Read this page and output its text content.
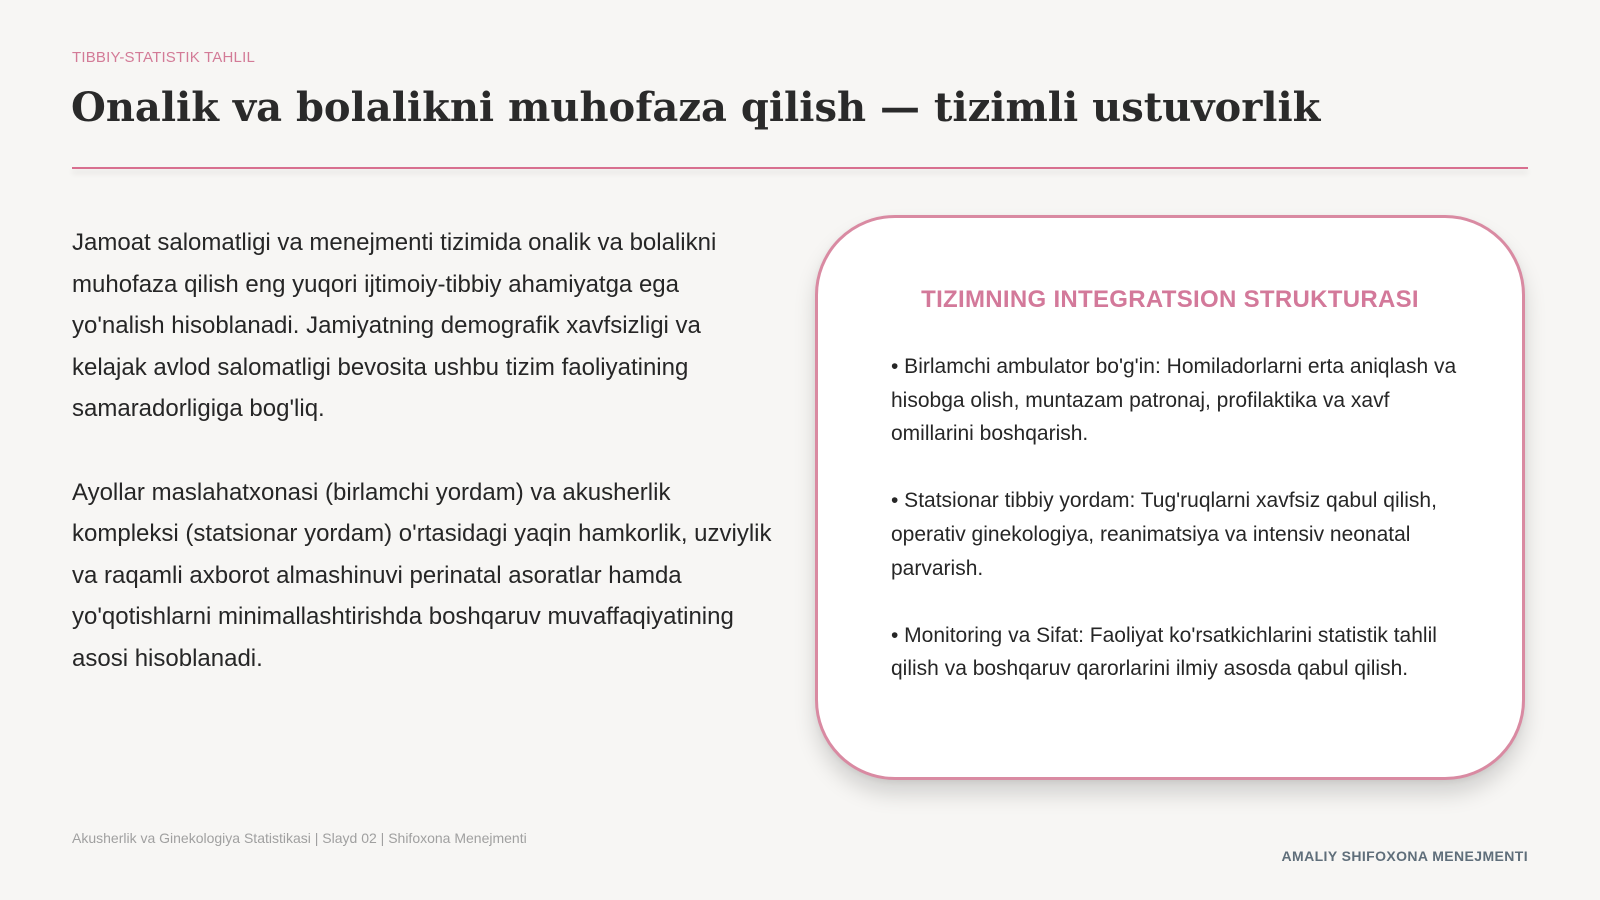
TIBBIY-STATISTIK TAHLIL
Onalik va bolalikni muhofaza qilish — tizimli ustuvorlik

Jamoat salomatligi va menejmenti tizimida onalik va bolalikni muhofaza qilish eng yuqori ijtimoiy-tibbiy ahamiyatga ega yo'nalish hisoblanadi. Jamiyatning demografik xavfsizligi va kelajak avlod salomatligi bevosita ushbu tizim faoliyatining samaradorligiga bog'liq.

Ayollar maslahatxonasi (birlamchi yordam) va akusherlik kompleksi (statsionar yordam) o'rtasidagi yaqin hamkorlik, uzviylik va raqamli axborot almashinuvi perinatal asoratlar hamda yo'qotishlarni minimallashtirishda boshqaruv muvaffaqiyatining asosi hisoblanadi.

TIZIMNING INTEGRATSION STRUKTURASI
• Birlamchi ambulator bo'g'in: Homiladorlarni erta aniqlash va hisobga olish, muntazam patronaj, profilaktika va xavf omillarini boshqarish.
• Statsionar tibbiy yordam: Tug'ruqlarni xavfsiz qabul qilish, operativ ginekologiya, reanimatsiya va intensiv neonatal parvarish.
• Monitoring va Sifat: Faoliyat ko'rsatkichlarini statistik tahlil qilish va boshqaruv qarorlarini ilmiy asosda qabul qilish.
Akusherlik va Ginekologiya Statistikasi | Slayd 02 | Shifoxona Menejmenti
AMALIY SHIFOXONA MENEJMENTI
